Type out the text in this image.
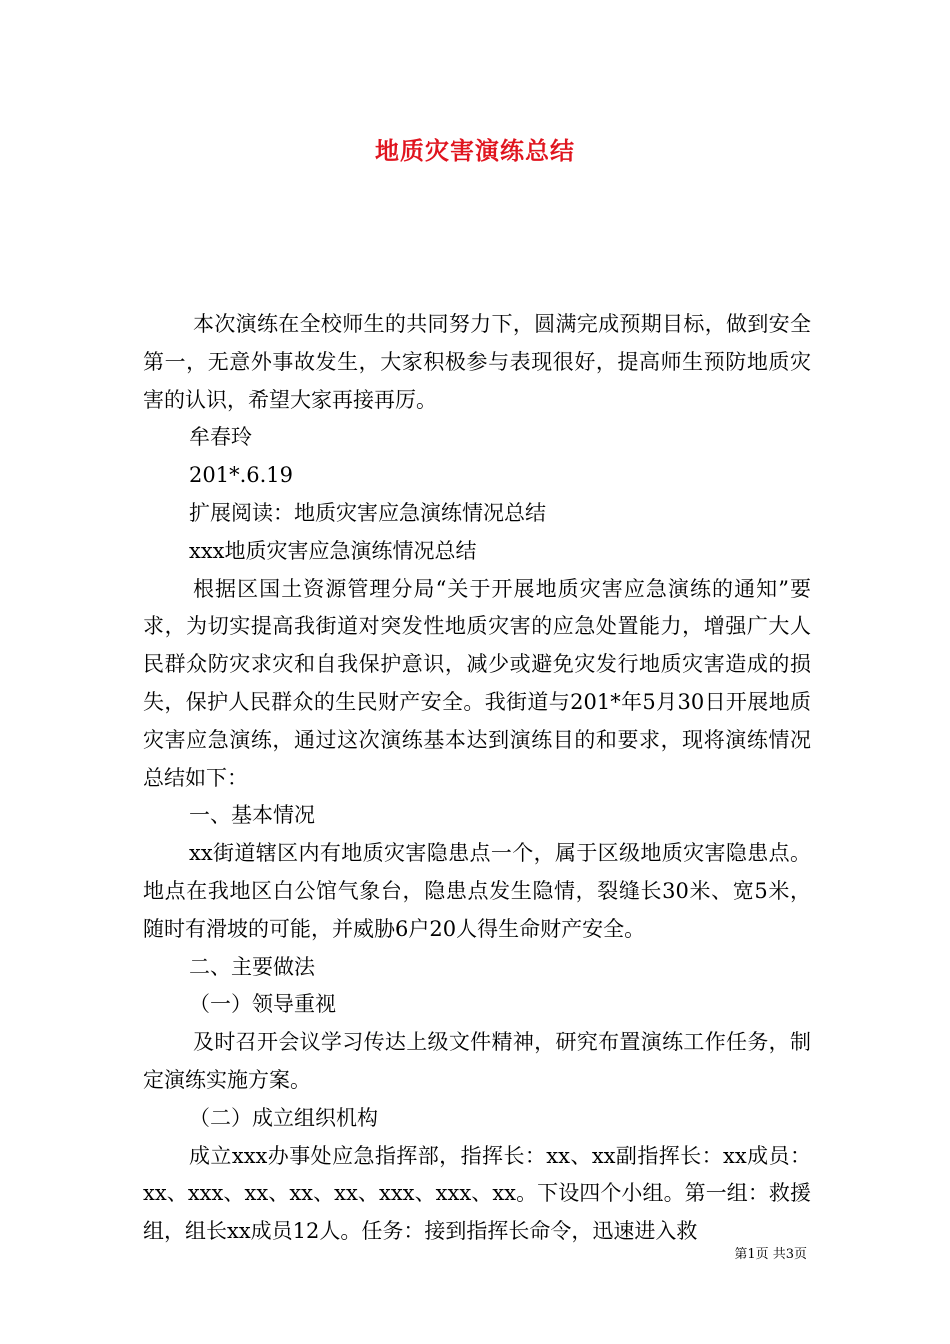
地质灾害演练总结

本次演练在全校师生的共同努力下，圆满完成预期目标，做到安全第一，无意外事故发生，大家积极参与表现很好，提高师生预防地质灾害的认识，希望大家再接再厉。

牟春玲

201*.6.19

扩展阅读：地质灾害应急演练情况总结

xxx地质灾害应急演练情况总结

根据区国土资源管理分局“关于开展地质灾害应急演练的通知”要求，为切实提高我街道对突发性地质灾害的应急处置能力，增强广大人民群众防灾求灾和自我保护意识，减少或避免灾发行地质灾害造成的损失，保护人民群众的生民财产安全。我街道与201*年5月30日开展地质灾害应急演练，通过这次演练基本达到演练目的和要求，现将演练情况总结如下：

一、基本情况

xx街道辖区内有地质灾害隐患点一个，属于区级地质灾害隐患点。地点在我地区白公馆气象台，隐患点发生隐情，裂缝长30米、宽5米，随时有滑坡的可能，并威胁6户20人得生命财产安全。

二、主要做法

（一）领导重视

及时召开会议学习传达上级文件精神，研究布置演练工作任务，制定演练实施方案。

（二）成立组织机构

成立xxx办事处应急指挥部，指挥长：xx、xx副指挥长：xx成员：xx、xxx、xx、xx、xx、xxx、xxx、xx。下设四个小组。第一组：救援组，组长xx成员12人。任务：接到指挥长命令，迅速进入救

第1页 共3页
